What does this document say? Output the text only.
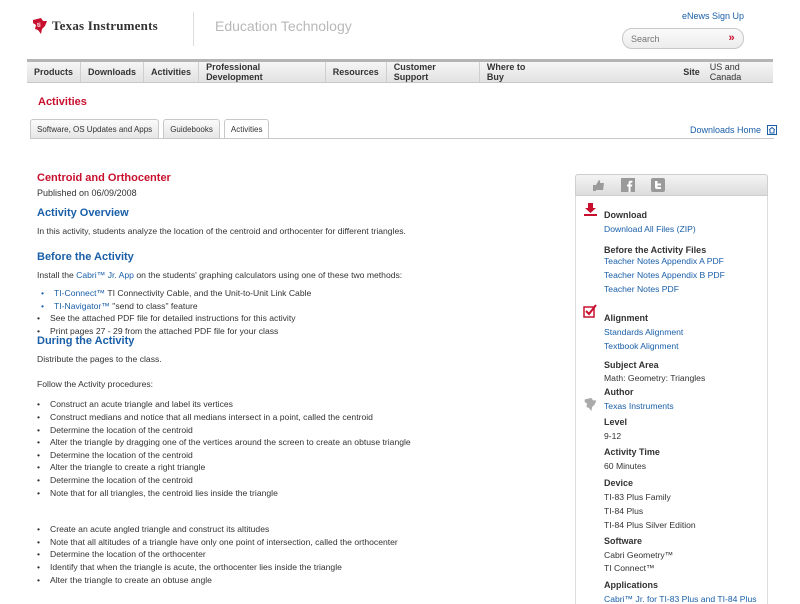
ti Texas Instruments	Education Technology
eNews Sign Up
Search
»
Products	Downloads	Activities	Professional Development	Resources	Customer Support
Where to Buy	Site US and Canada
Activities
Software, OS Updates and Apps	Guidebooks	Activities	Downloads Home
Centroid and Orthocenter
Published on 06/09/2008
Activity Overview
In this activity, students analyze the location of the centroid and orthocenter for different triangles.
Before the Activity
Install the Cabri™ Jr. App on the students' graphing calculators using one of these two methods:
• TI-Connect™ TI Connectivity Cable, and the Unit-to-Unit Link Cable
• TI-Navigator™ "send to class" feature
• See the attached PDF file for detailed instructions for this activity
• Print pages 27 - 29 from the attached PDF file for your class
During the Activity
Distribute the pages to the class.
Follow the Activity procedures:
• Construct an acute triangle and label its vertices
• Construct medians and notice that all medians intersect in a point, called the centroid
• Determine the location of the centroid
• Alter the triangle by dragging one of the vertices around the screen to create an obtuse triangle
• Determine the location of the centroid
• Alter the triangle to create a right triangle
• Determine the location of the centroid
• Note that for all triangles, the centroid lies inside the triangle
• Create an acute angled triangle and construct its altitudes
• Note that all altitudes of a triangle have only one point of intersection, called the orthocenter
• Determine the location of the orthocenter
• Identify that when the triangle is acute, the orthocenter lies inside the triangle
• Alter the triangle to create an obtuse angle
Download
Download All Files (ZIP)
Before the Activity Files
Teacher Notes Appendix A PDF
Teacher Notes Appendix B PDF
Teacher Notes PDF
Alignment
Standards Alignment
Textbook Alignment
Subject Area
Math: Geometry: Triangles
Author
Texas Instruments
Level
9-12
Activity Time
60 Minutes
Device
TI-83 Plus Family
TI-84 Plus
TI-84 Plus Silver Edition
Software
Cabri Geometry™
TI Connect™
Applications
Cabri™ Jr. for TI-83 Plus and TI-84 Plus
